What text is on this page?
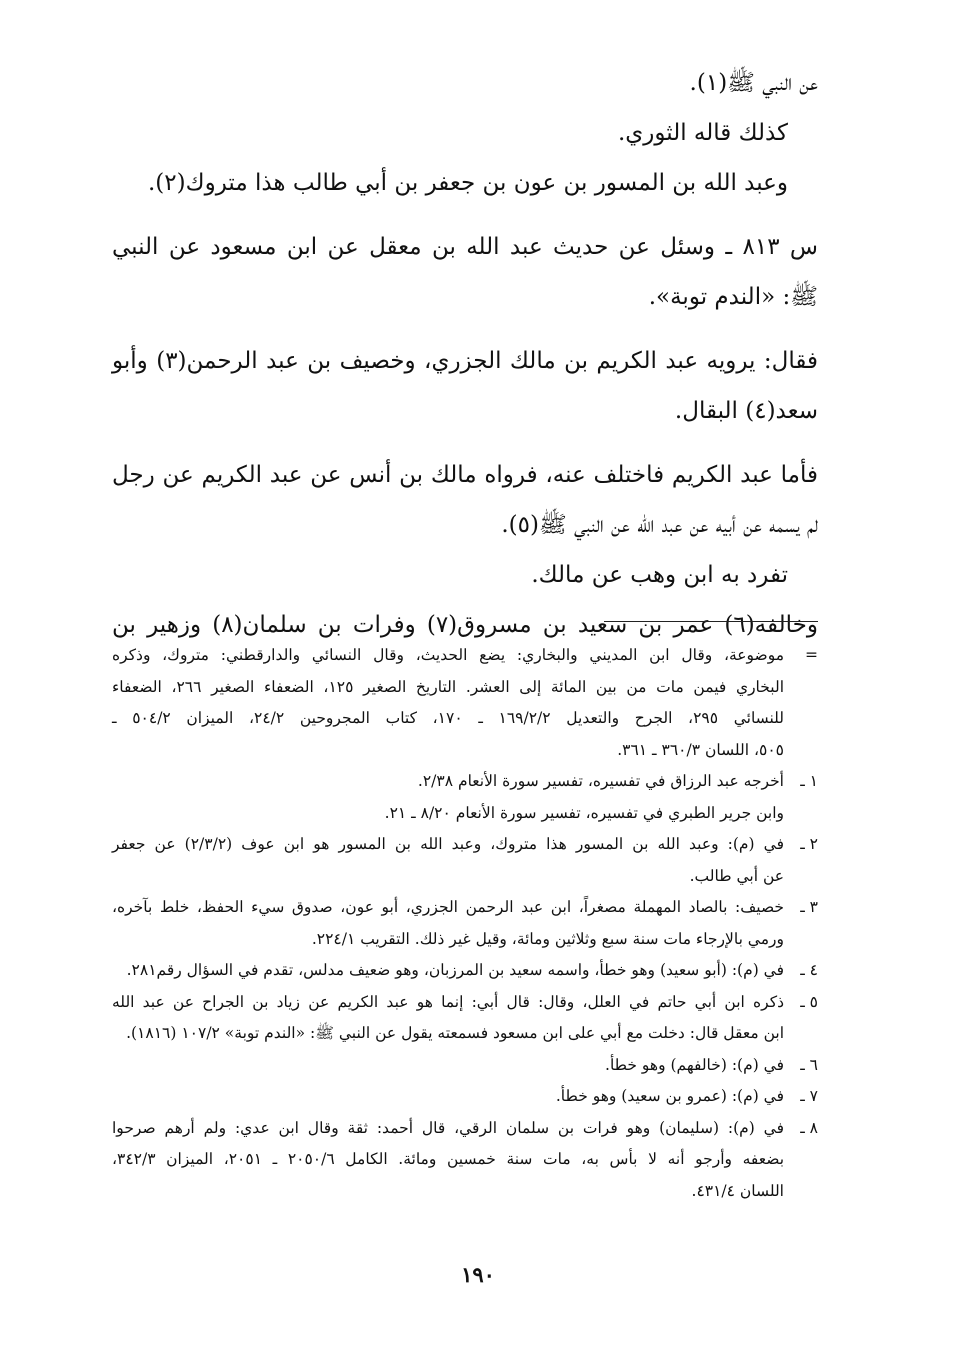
عن النبي ﷺ(١).
كذلك قاله الثوري.
وعبد الله بن المسور بن عون بن جعفر بن أبي طالب هذا متروك(٢).
س ٨١٣ ـ وسئل عن حديث عبد الله بن معقل عن ابن مسعود عن النبي
ﷺ: «الندم توبة».
فقال: يرويه عبد الكريم بن مالك الجزري، وخصيف بن عبد الرحمن(٣) وأبو
سعد(٤) البقال.
فأما عبد الكريم فاختلف عنه، فرواه مالك بن أنس عن عبد الكريم عن رجل
لم يسمه عن أبيه عن عبد الله عن النبي ﷺ(٥).
تفرد به ابن وهب عن مالك.
وخالفه(٦) عمر بن سعيد بن مسروق(٧) وفرات بن سلمان(٨) وزهير بن
=
موضوعة، وقال ابن المديني والبخاري: يضع الحديث، وقال النسائي والدارقطني: متروك، وذكره
البخاري فيمن مات من بين المائة إلى العشر. التاريخ الصغير ١٢٥، الضعفاء الصغير ٢٦٦، الضعفاء
للنسائي ٢٩٥، الجرح والتعديل ١٦٩/٢/٢ ـ ١٧٠، كتاب المجروحين ٢٤/٢، الميزان ٥٠٤/٢ ـ
٥٠٥، اللسان ٣٦٠/٣ ـ ٣٦١.
١ ـ
أخرجه عبد الرزاق في تفسيره، تفسير سورة الأنعام ٢/٣٨.
وابن جرير الطبري في تفسيره، تفسير سورة الأنعام ٨/٢٠ ـ ٢١.
٢ ـ
في (م): وعبد الله بن المسور هذا متروك، وعبد الله بن المسور هو ابن عوف (٢/٣/٢) عن جعفر
عن أبي طالب.
٣ ـ
خصيف: بالصاد المهملة مصغراً، ابن عبد الرحمن الجزري، أبو عون، صدوق سيء الحفظ، خلط بآخره،
ورمي بالإرجاء مات سنة سبع وثلاثين ومائة، وقيل غير ذلك. التقريب ٢٢٤/١.
٤ ـ
في (م): (أبو سعيد) وهو خطأ، واسمه سعيد بن المرزبان، وهو ضعيف مدلس، تقدم في السؤال رقم٢٨١.
٥ ـ
ذكره ابن أبي حاتم في العلل، وقال: قال أبي: إنما هو عبد الكريم عن زياد بن الجراح عن عبد الله
ابن معقل قال: دخلت مع أبي على ابن مسعود فسمعته يقول عن النبي ﷺ: «الندم توبة» ١٠٧/٢ (١٨١٦).
٦ ـ
في (م): (خالفهم) وهو خطأ.
٧ ـ
في (م): (عمرو بن سعيد) وهو خطأ.
٨ ـ
في (م): (سليمان) وهو فرات بن سلمان الرقي، قال أحمد: ثقة وقال ابن عدي: ولم أرهم صرحوا
بضعفه وأرجو أنه لا بأس به، مات سنة خمسين ومائة. الكامل ٢٠٥٠/٦ ـ ٢٠٥١، الميزان ٣٤٢/٣،
اللسان ٤٣١/٤.
١٩٠
